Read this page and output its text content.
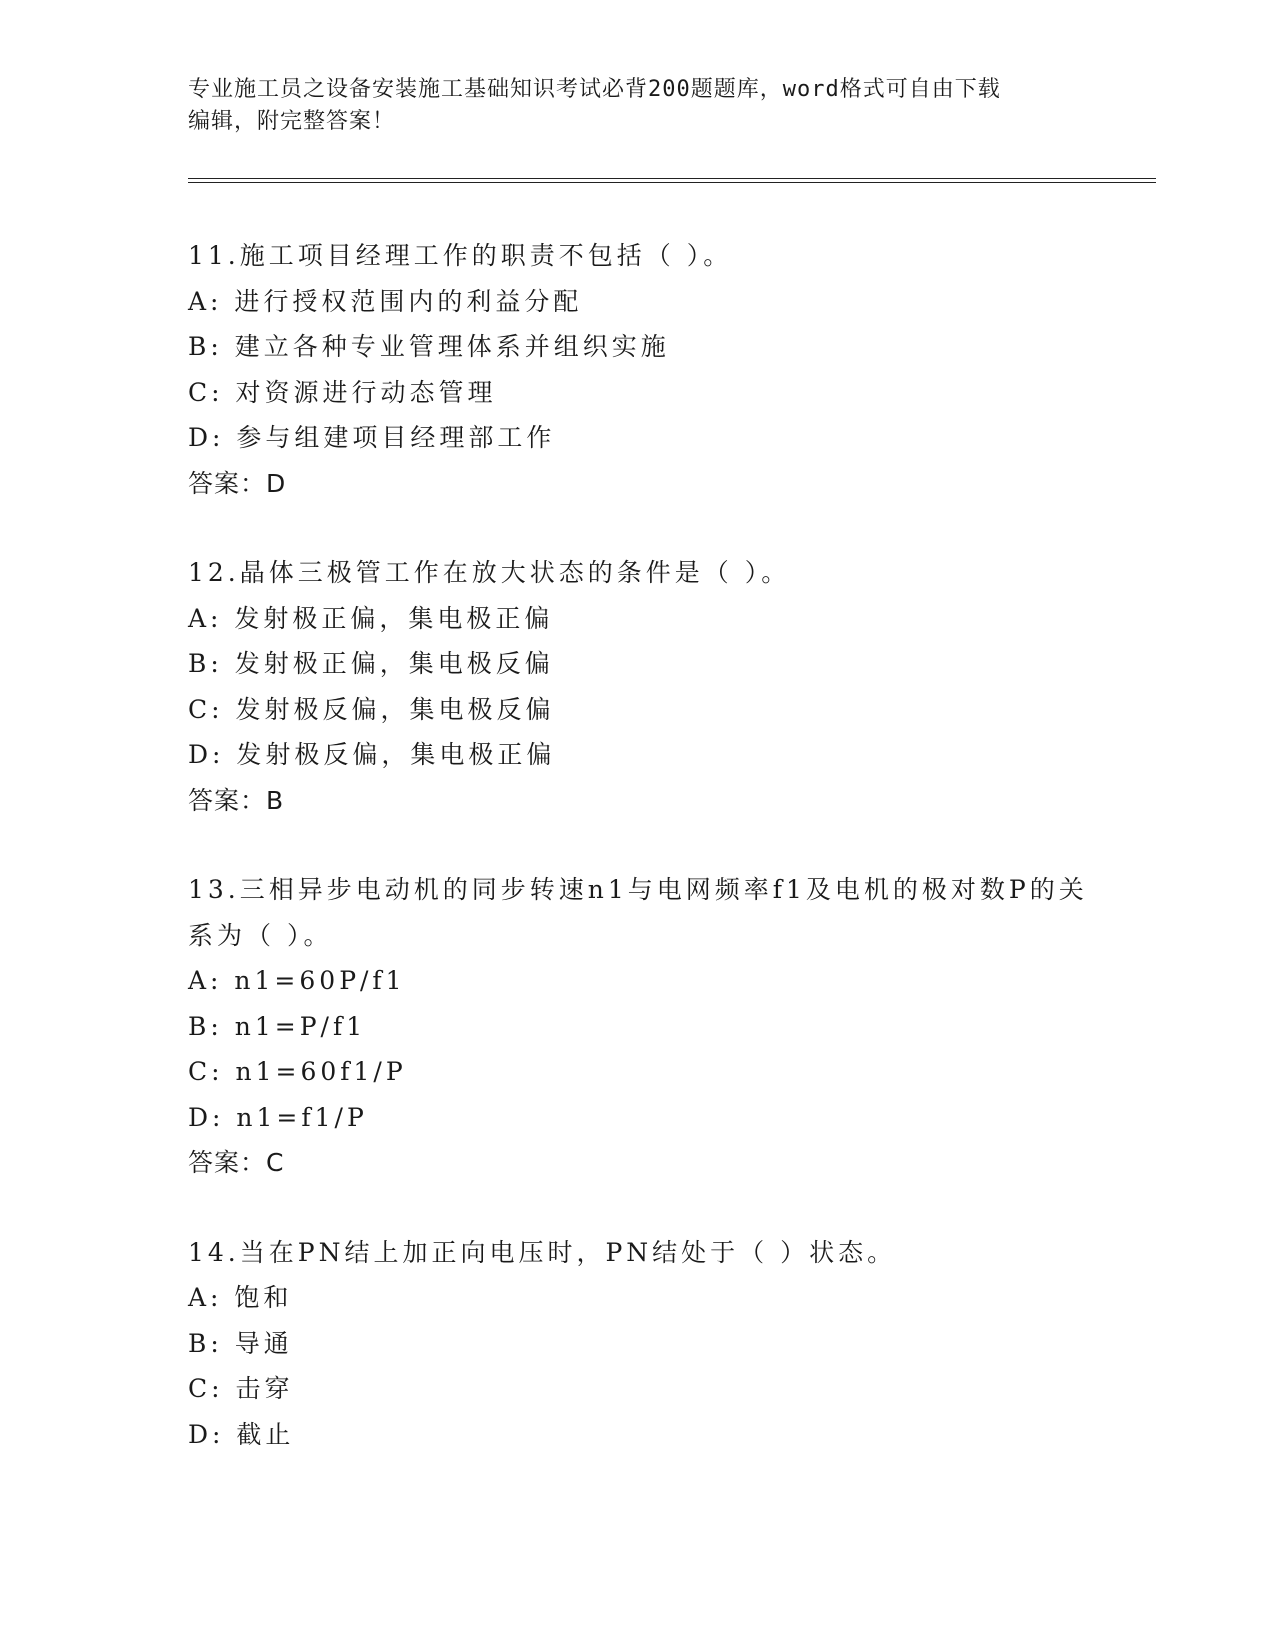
专业施工员之设备安装施工基础知识考试必背200题题库，word格式可自由下载
编辑，附完整答案！
11.施工项目经理工作的职责不包括（ ）。
A: 进行授权范围内的利益分配
B: 建立各种专业管理体系并组织实施
C: 对资源进行动态管理
D: 参与组建项目经理部工作
答案：D
12.晶体三极管工作在放大状态的条件是（ ）。
A: 发射极正偏，集电极正偏
B: 发射极正偏，集电极反偏
C: 发射极反偏，集电极反偏
D: 发射极反偏，集电极正偏
答案：B
13.三相异步电动机的同步转速n1与电网频率f1及电机的极对数P的关系为（ ）。
A: n1=60P/f1
B: n1=P/f1
C: n1=60f1/P
D: n1=f1/P
答案：C
14.当在PN结上加正向电压时，PN结处于（ ）状态。
A: 饱和
B: 导通
C: 击穿
D: 截止
